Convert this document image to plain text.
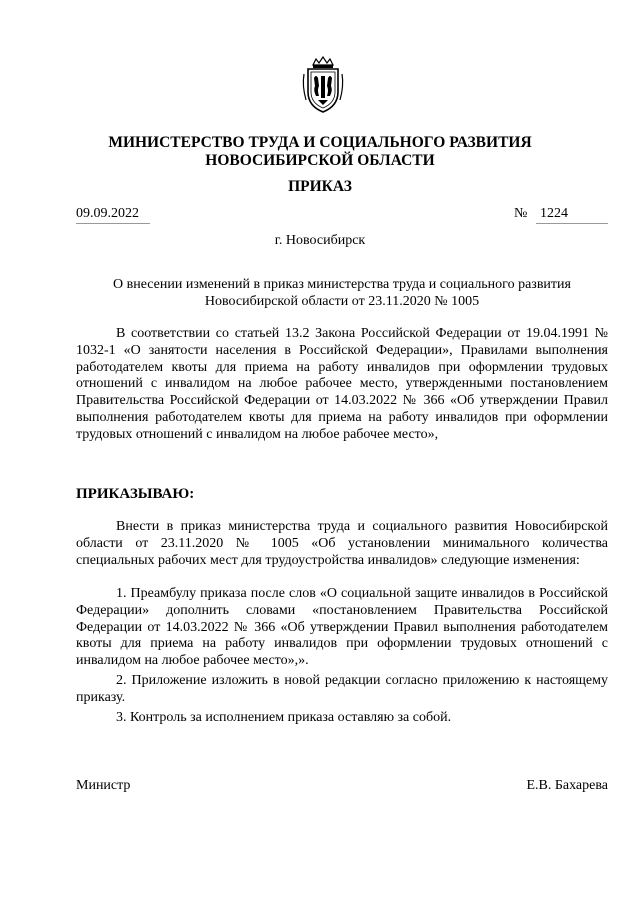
МИНИСТЕРСТВО ТРУДА И СОЦИАЛЬНОГО РАЗВИТИЯ
НОВОСИБИРСКОЙ ОБЛАСТИ
ПРИКАЗ
09.09.2022	№ 1224
г. Новосибирск
О внесении изменений в приказ министерства труда и социального развития
Новосибирской области от 23.11.2020 № 1005
В соответствии со статьей 13.2 Закона Российской Федерации от 19.04.1991 № 1032-1 «О занятости населения в Российской Федерации», Правилами выполнения работодателем квоты для приема на работу инвалидов при оформлении трудовых отношений с инвалидом на любое рабочее место, утвержденными постановлением Правительства Российской Федерации от 14.03.2022 № 366 «Об утверждении Правил выполнения работодателем квоты для приема на работу инвалидов при оформлении трудовых отношений с инвалидом на любое рабочее место»,
ПРИКАЗЫВАЮ:
Внести в приказ министерства труда и социального развития Новосибирской области от 23.11.2020 № 1005 «Об установлении минимального количества специальных рабочих мест для трудоустройства инвалидов» следующие изменения:
1. Преамбулу приказа после слов «О социальной защите инвалидов в Российской Федерации» дополнить словами «постановлением Правительства Российской Федерации от 14.03.2022 № 366 «Об утверждении Правил выполнения работодателем квоты для приема на работу инвалидов при оформлении трудовых отношений с инвалидом на любое рабочее место»,».
2. Приложение изложить в новой редакции согласно приложению к настоящему приказу.
3. Контроль за исполнением приказа оставляю за собой.
Министр	Е.В. Бахарева
